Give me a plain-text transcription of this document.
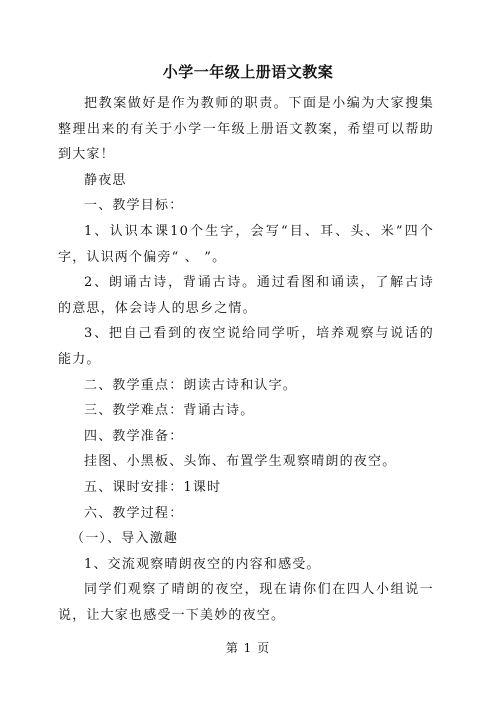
小学一年级上册语文教案

把教案做好是作为教师的职责。下面是小编为大家搜集整理出来的有关于小学一年级上册语文教案，希望可以帮助到大家！

静夜思

一、教学目标：

1、认识本课10个生字，会写“目、耳、头、米”四个字，认识两个偏旁“ 、 ”。

2、朗诵古诗，背诵古诗。通过看图和诵读，了解古诗的意思，体会诗人的思乡之情。

3、把自己看到的夜空说给同学听，培养观察与说话的能力。

二、教学重点：朗读古诗和认字。

三、教学难点：背诵古诗。

四、教学准备：

挂图、小黑板、头饰、布置学生观察晴朗的夜空。

五、课时安排：1课时

六、教学过程：

（一）、导入激趣

1、交流观察晴朗夜空的内容和感受。

同学们观察了晴朗的夜空，现在请你们在四人小组说一说，让大家也感受一下美妙的夜空。

第 1 页
